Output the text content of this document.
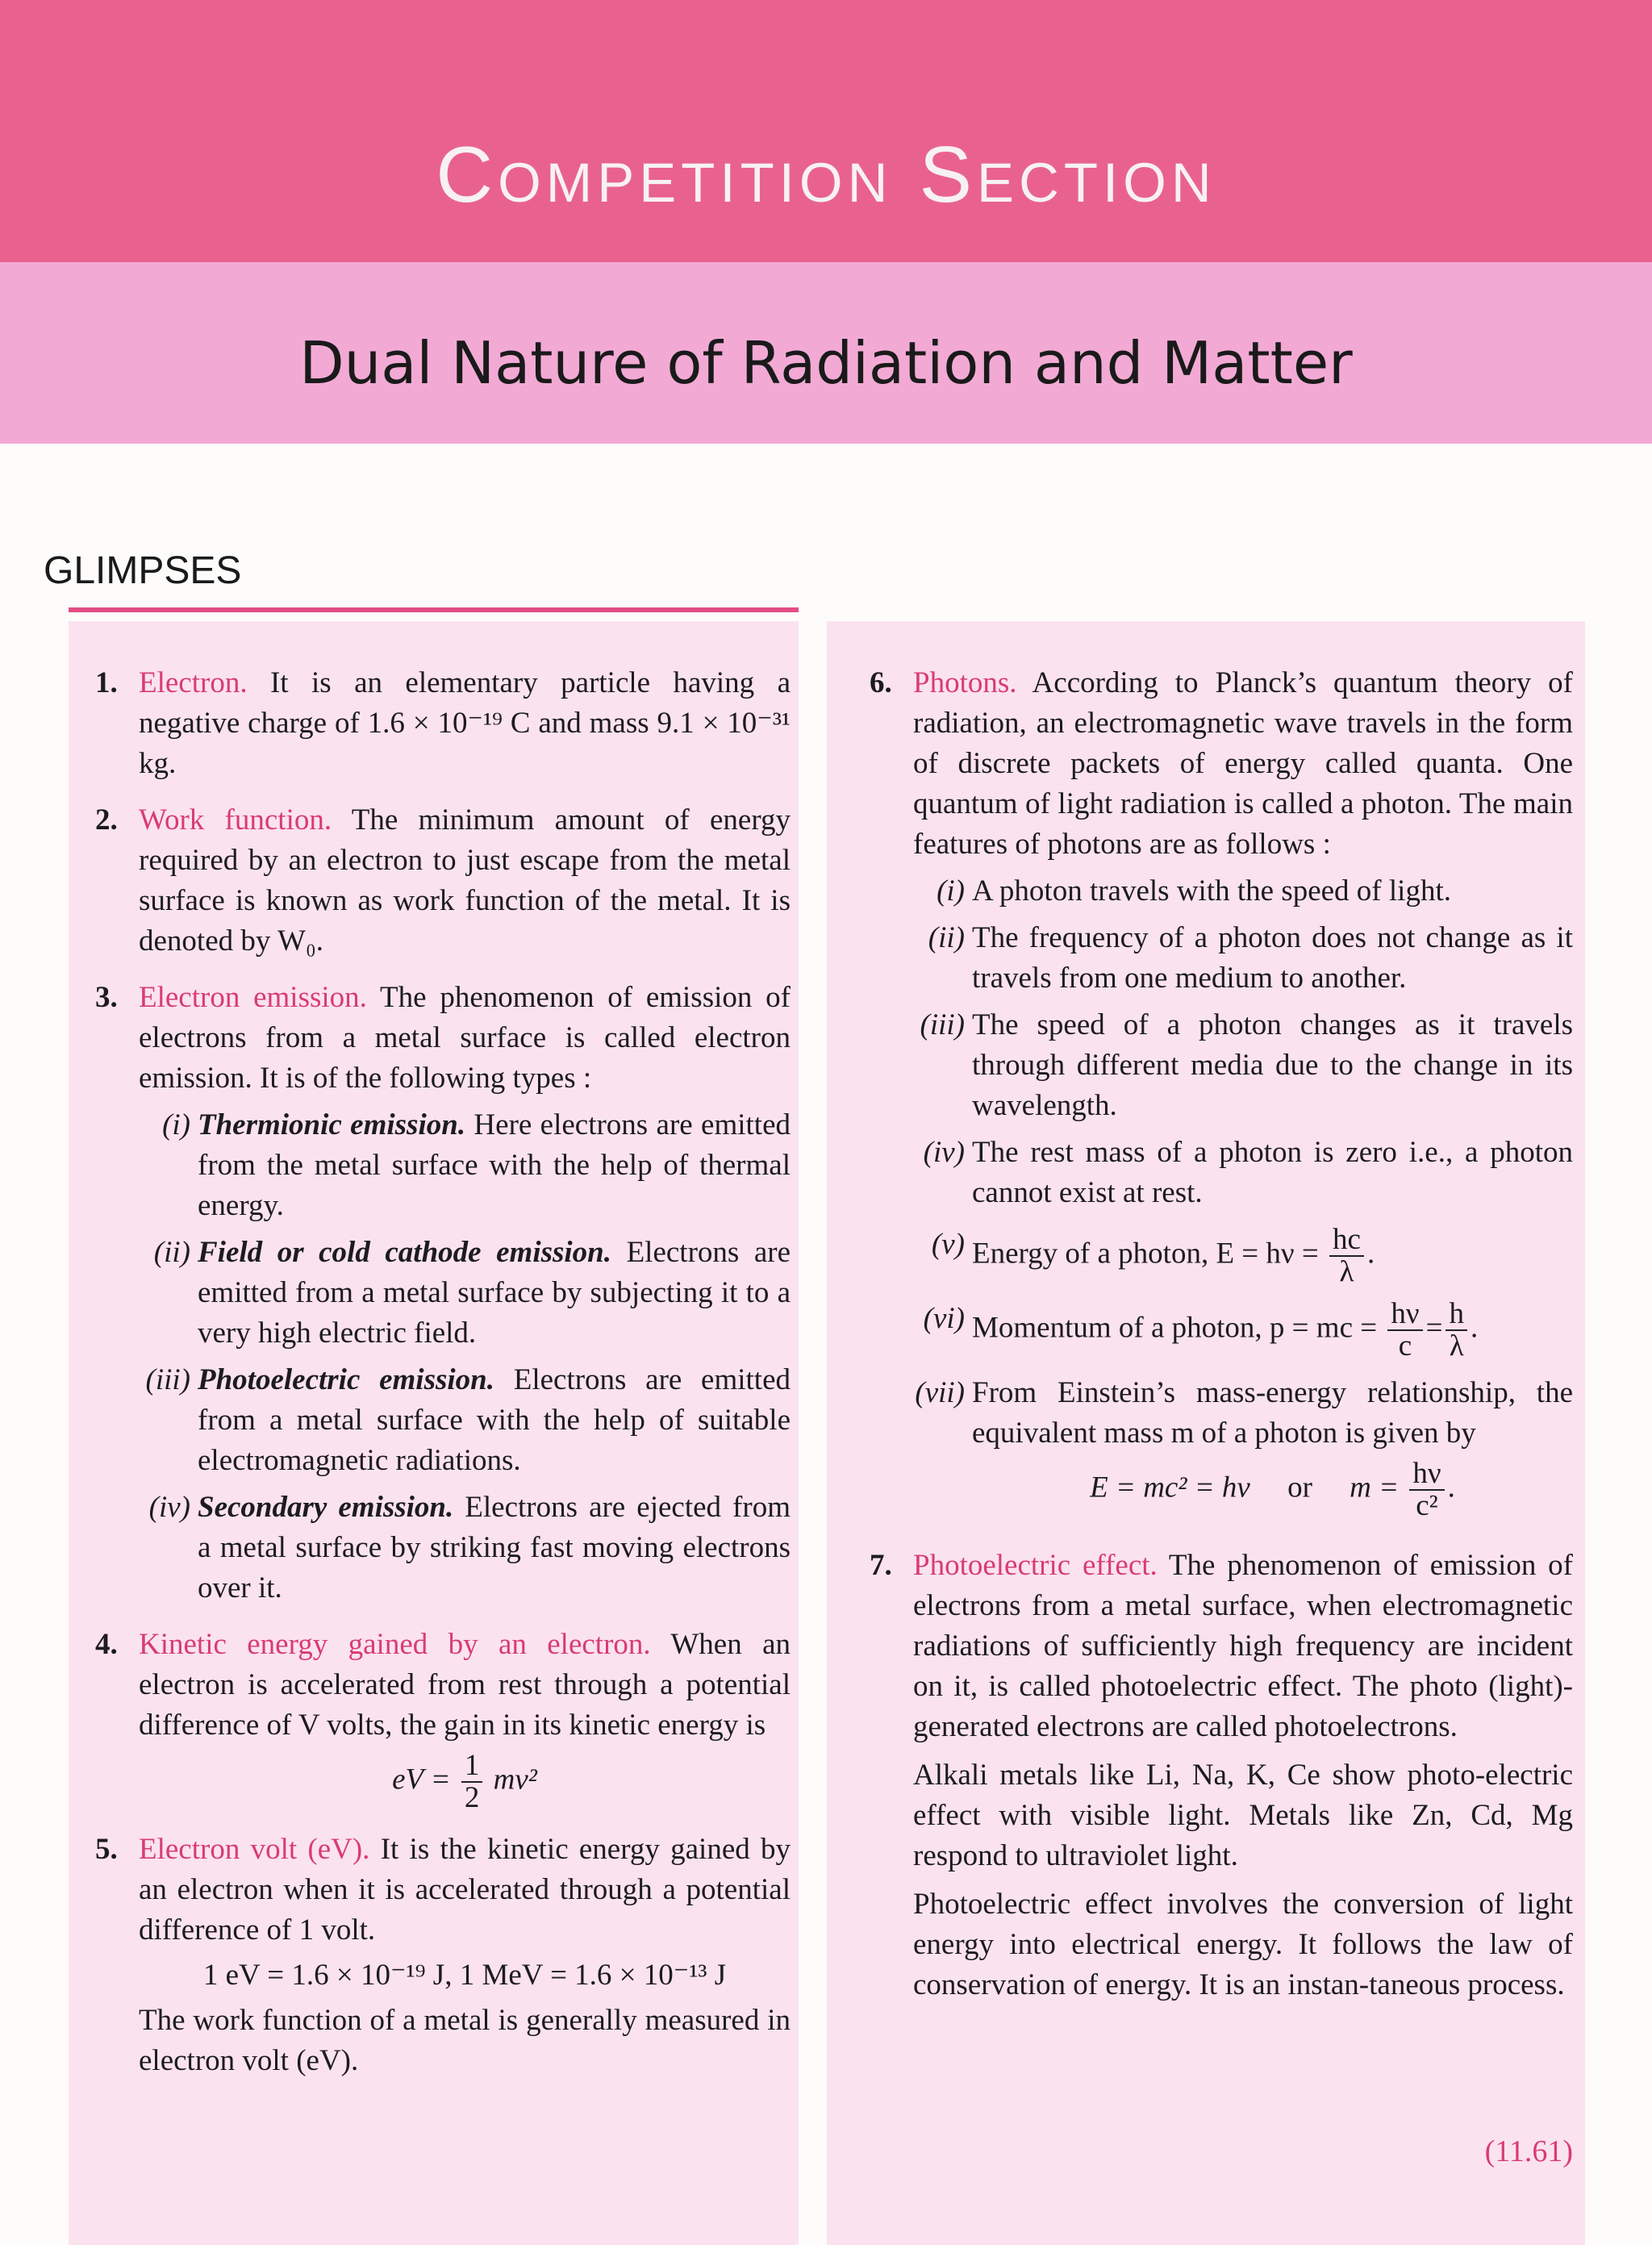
Competition Section
Dual Nature of Radiation and Matter
GLIMPSES
1. Electron. It is an elementary particle having a negative charge of 1.6 × 10⁻¹⁹ C and mass 9.1 × 10⁻³¹ kg.
2. Work function. The minimum amount of energy required by an electron to just escape from the metal surface is known as work function of the metal. It is denoted by W₀.
3. Electron emission. The phenomenon of emission of electrons from a metal surface is called electron emission. It is of the following types :
(i) Thermionic emission. Here electrons are emitted from the metal surface with the help of thermal energy.
(ii) Field or cold cathode emission. Electrons are emitted from a metal surface by subjecting it to a very high electric field.
(iii) Photoelectric emission. Electrons are emitted from a metal surface with the help of suitable electromagnetic radiations.
(iv) Secondary emission. Electrons are ejected from a metal surface by striking fast moving electrons over it.
4. Kinetic energy gained by an electron. When an electron is accelerated from rest through a potential difference of V volts, the gain in its kinetic energy is
eV = $\frac{1}{2} mv^2$
5. Electron volt (eV). It is the kinetic energy gained by an electron when it is accelerated through a potential difference of 1 volt.
1 eV = 1.6 × 10⁻¹⁹ J, 1 MeV = 1.6 × 10⁻¹³ J
The work function of a metal is generally measured in electron volt (eV).
6. Photons. According to Planck’s quantum theory of radiation, an electromagnetic wave travels in the form of discrete packets of energy called quanta. One quantum of light radiation is called a photon. The main features of photons are as follows :
(i) A photon travels with the speed of light.
(ii) The frequency of a photon does not change as it travels from one medium to another.
(iii) The speed of a photon changes as it travels through different media due to the change in its wavelength.
(iv) The rest mass of a photon is zero i.e., a photon cannot exist at rest.
(v) Energy of a photon, $E = h\nu = \frac{hc}{\lambda}$ .
(vi) Momentum of a photon, p = mc = $\frac{h\nu}{c} = \frac{h}{\lambda}$ .
(vii) From Einstein’s mass-energy relationship, the equivalent mass m of a photon is given by
E = mc² = hν or $m = \frac{h\nu}{\text{c²}}$ .
7. Photoelectric effect. The phenomenon of emission of electrons from a metal surface, when electromagnetic radiations of sufficiently high frequency are incident on it, is called photoelectric effect. The photo (light)-generated electrons are called photoelectrons.
Alkali metals like Li, Na, K, Ce show photo-electric effect with visible light. Metals like Zn, Cd, Mg respond to ultraviolet light.
Photoelectric effect involves the conversion of light energy into electrical energy. It follows the law of conservation of energy. It is an instan-taneous process.
(11.61)
